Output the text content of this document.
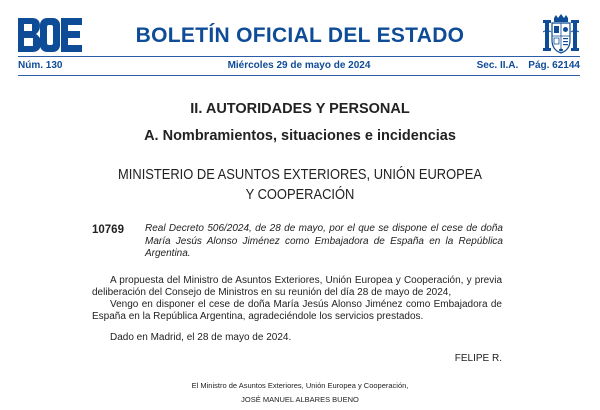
BOLETÍN OFICIAL DEL ESTADO
Núm. 130	Miércoles 29 de mayo de 2024	Sec. II.A. Pág. 62144
II. AUTORIDADES Y PERSONAL
A. Nombramientos, situaciones e incidencias
MINISTERIO DE ASUNTOS EXTERIORES, UNIÓN EUROPEA
Y COOPERACIÓN
10769 Real Decreto 506/2024, de 28 de mayo, por el que se dispone el cese de doña María Jesús Alonso Jiménez como Embajadora de España en la República Argentina.
A propuesta del Ministro de Asuntos Exteriores, Unión Europea y Cooperación, y previa deliberación del Consejo de Ministros en su reunión del día 28 de mayo de 2024,
Vengo en disponer el cese de doña María Jesús Alonso Jiménez como Embajadora de España en la República Argentina, agradeciéndole los servicios prestados.
Dado en Madrid, el 28 de mayo de 2024.
FELIPE R.
El Ministro de Asuntos Exteriores, Unión Europea y Cooperación,
JOSÉ MANUEL ALBARES BUENO
